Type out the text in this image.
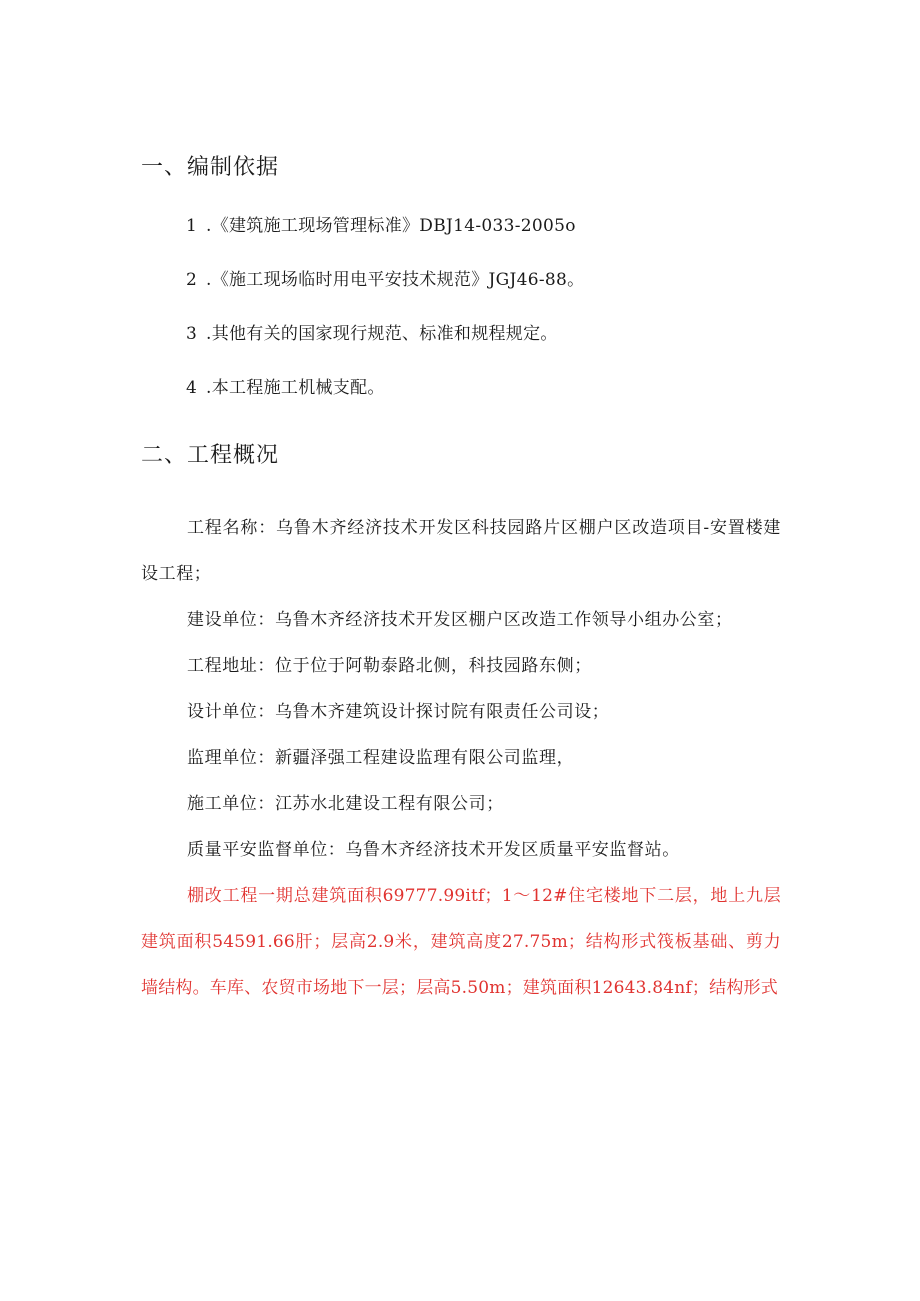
一、编制依据
1 .《建筑施工现场管理标准》DBJ14-033-2005o
2 .《施工现场临时用电平安技术规范》JGJ46-88。
3 .其他有关的国家现行规范、标准和规程规定。
4 .本工程施工机械支配。
二、工程概况

工程名称：乌鲁木齐经济技术开发区科技园路片区棚户区改造项目-安置楼建设工程；

建设单位：乌鲁木齐经济技术开发区棚户区改造工作领导小组办公室；

工程地址：位于位于阿勒泰路北侧，科技园路东侧；

设计单位：乌鲁木齐建筑设计探讨院有限责任公司设；

监理单位：新疆泽强工程建设监理有限公司监理，

施工单位：江苏水北建设工程有限公司；

质量平安监督单位：乌鲁木齐经济技术开发区质量平安监督站。

棚改工程一期总建筑面积69777.99itf；1～12#住宅楼地下二层，地上九层建筑面积54591.66肝；层高2.9米，建筑高度27.75m；结构形式筏板基础、剪力墙结构。车库、农贸市场地下一层；层高5.50m；建筑面积12643.84nf；结构形式
